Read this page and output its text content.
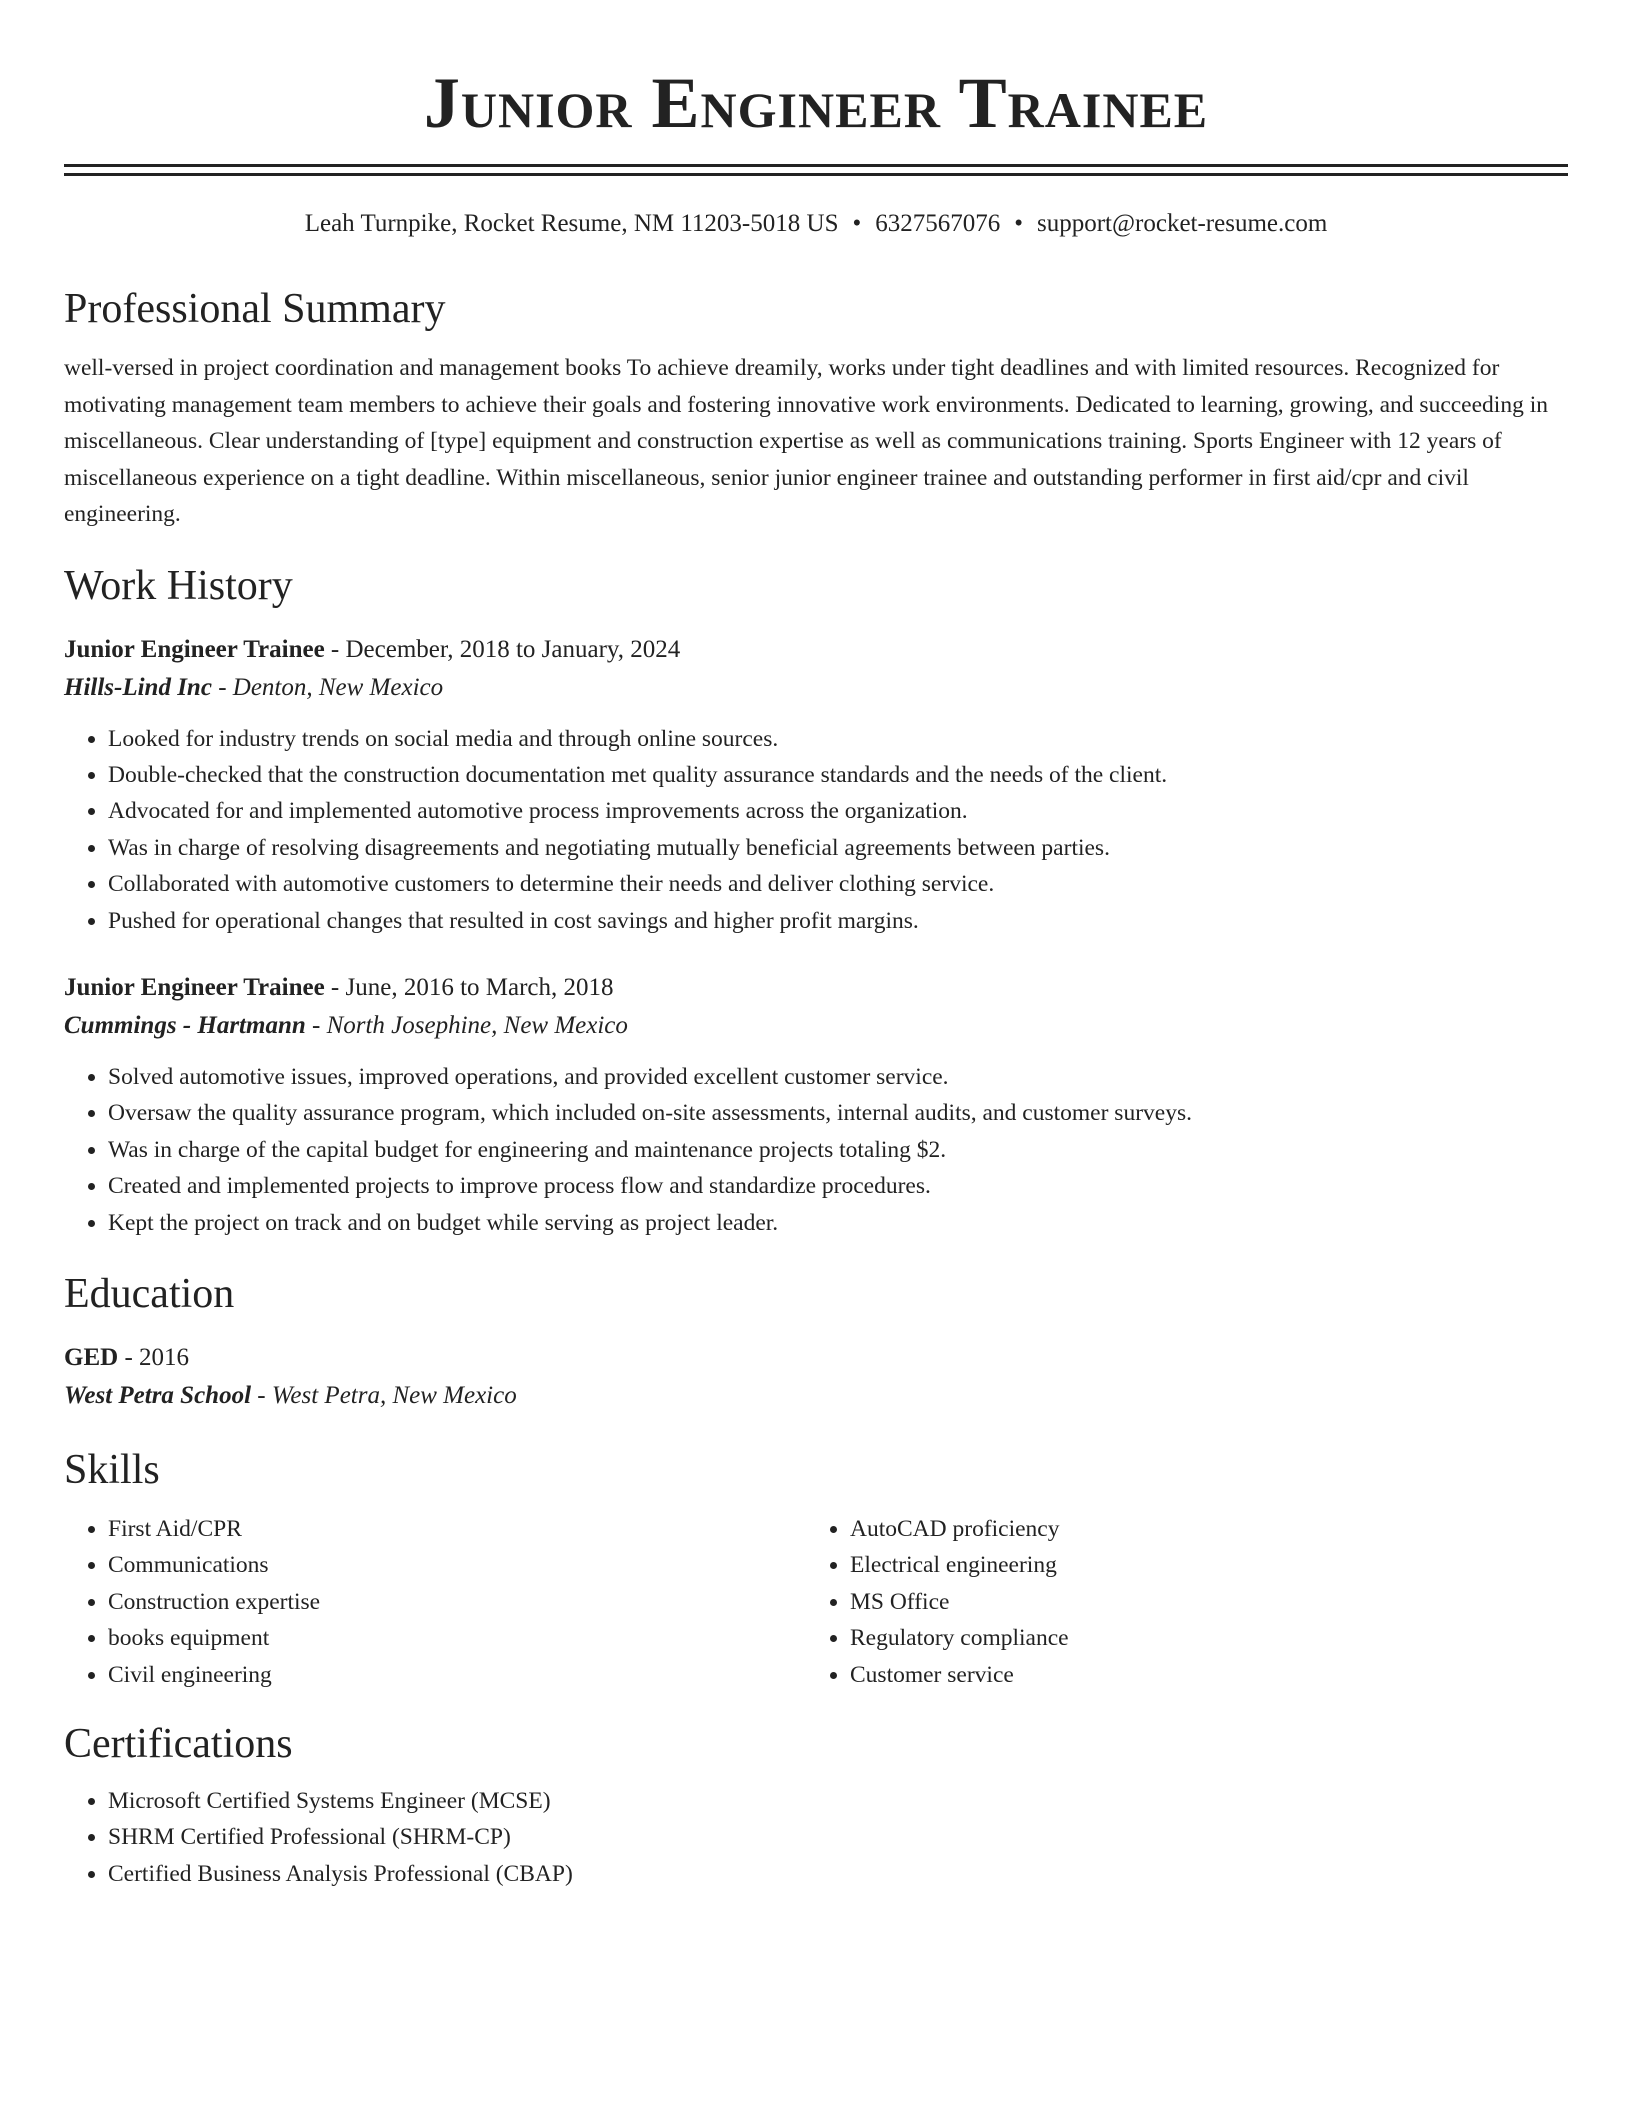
Junior Engineer Trainee
Leah Turnpike, Rocket Resume, NM 11203-5018 US • 6327567076 • support@rocket-resume.com
Professional Summary
well-versed in project coordination and management books To achieve dreamily, works under tight deadlines and with limited resources. Recognized for motivating management team members to achieve their goals and fostering innovative work environments. Dedicated to learning, growing, and succeeding in miscellaneous. Clear understanding of [type] equipment and construction expertise as well as communications training. Sports Engineer with 12 years of miscellaneous experience on a tight deadline. Within miscellaneous, senior junior engineer trainee and outstanding performer in first aid/cpr and civil engineering.
Work History
Junior Engineer Trainee - December, 2018 to January, 2024
Hills-Lind Inc - Denton, New Mexico
• Looked for industry trends on social media and through online sources.
• Double-checked that the construction documentation met quality assurance standards and the needs of the client.
• Advocated for and implemented automotive process improvements across the organization.
• Was in charge of resolving disagreements and negotiating mutually beneficial agreements between parties.
• Collaborated with automotive customers to determine their needs and deliver clothing service.
• Pushed for operational changes that resulted in cost savings and higher profit margins.
Junior Engineer Trainee - June, 2016 to March, 2018
Cummings - Hartmann - North Josephine, New Mexico
• Solved automotive issues, improved operations, and provided excellent customer service.
• Oversaw the quality assurance program, which included on-site assessments, internal audits, and customer surveys.
• Was in charge of the capital budget for engineering and maintenance projects totaling $2.
• Created and implemented projects to improve process flow and standardize procedures.
• Kept the project on track and on budget while serving as project leader.
Education
GED - 2016
West Petra School - West Petra, New Mexico
Skills
• First Aid/CPR
• Communications
• Construction expertise
• books equipment
• Civil engineering
• AutoCAD proficiency
• Electrical engineering
• MS Office
• Regulatory compliance
• Customer service
Certifications
• Microsoft Certified Systems Engineer (MCSE)
• SHRM Certified Professional (SHRM-CP)
• Certified Business Analysis Professional (CBAP)
